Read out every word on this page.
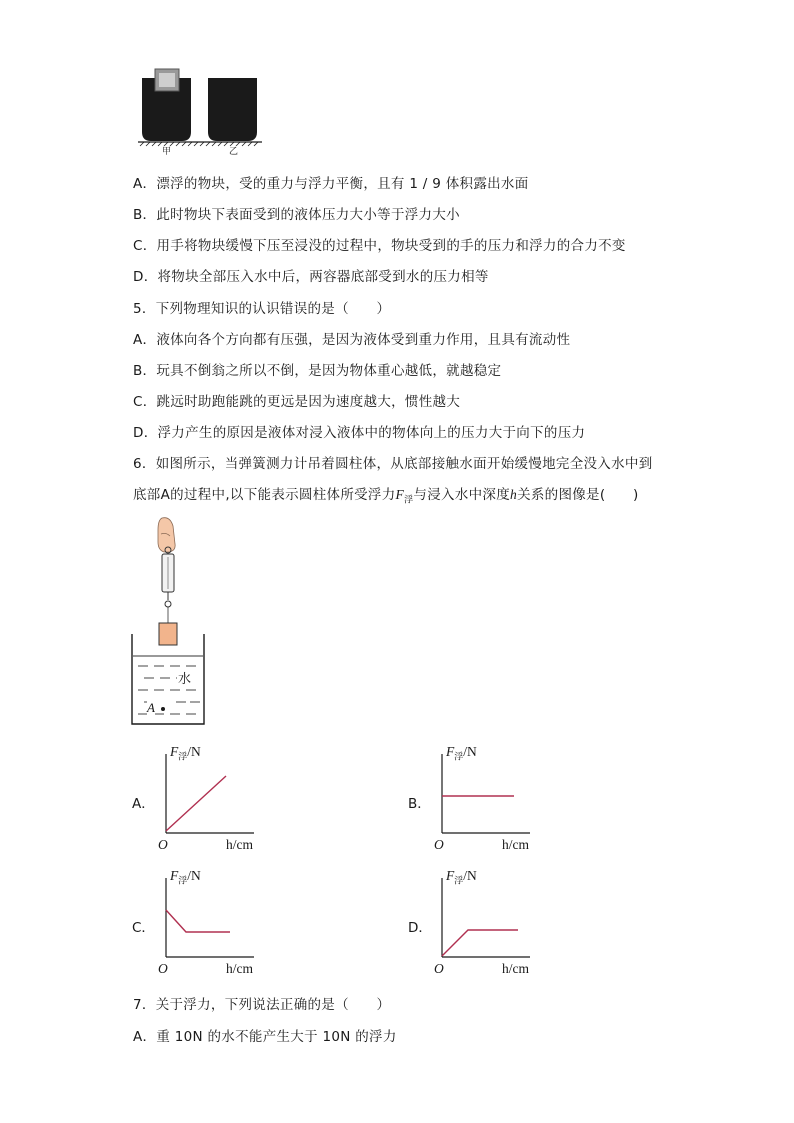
甲	乙
A．漂浮的物块，受的重力与浮力平衡，且有 1 / 9 体积露出水面
B．此时物块下表面受到的液体压力大小等于浮力大小
C．用手将物块缓慢下压至浸没的过程中，物块受到的手的压力和浮力的合力不变
D．将物块全部压入水中后，两容器底部受到水的压力相等
5．下列物理知识的认识错误的是（　　）
A．液体向各个方向都有压强，是因为液体受到重力作用，且具有流动性
B．玩具不倒翁之所以不倒，是因为物体重心越低，就越稳定
C．跳远时助跑能跳的更远是因为速度越大，惯性越大
D．浮力产生的原因是液体对浸入液体中的物体向上的压力大于向下的压力
6．如图所示，当弹簧测力计吊着圆柱体，从底部接触水面开始缓慢地完全没入水中到
底部A的过程中,以下能表示圆柱体所受浮力$F_浮$与浸入水中深度h关系的图像是(　　)
水
A
A．
$F_浮/N$
O	h/cm
B．
$F_浮/N$
O	h/cm
C．
$F_浮/N$
O	h/cm
D．
$F_浮/N$
O	h/cm
7．关于浮力，下列说法正确的是（　　）
A．重 10N 的水不能产生大于 10N 的浮力
